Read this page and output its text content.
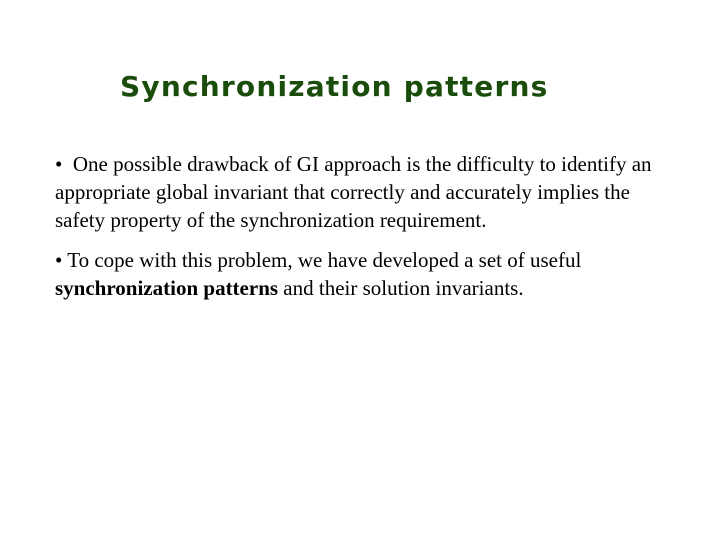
Synchronization patterns

• One possible drawback of GI approach is the difficulty to identify an appropriate global invariant that correctly and accurately implies the safety property of the synchronization requirement.

• To cope with this problem, we have developed a set of useful synchronization patterns and their solution invariants.
